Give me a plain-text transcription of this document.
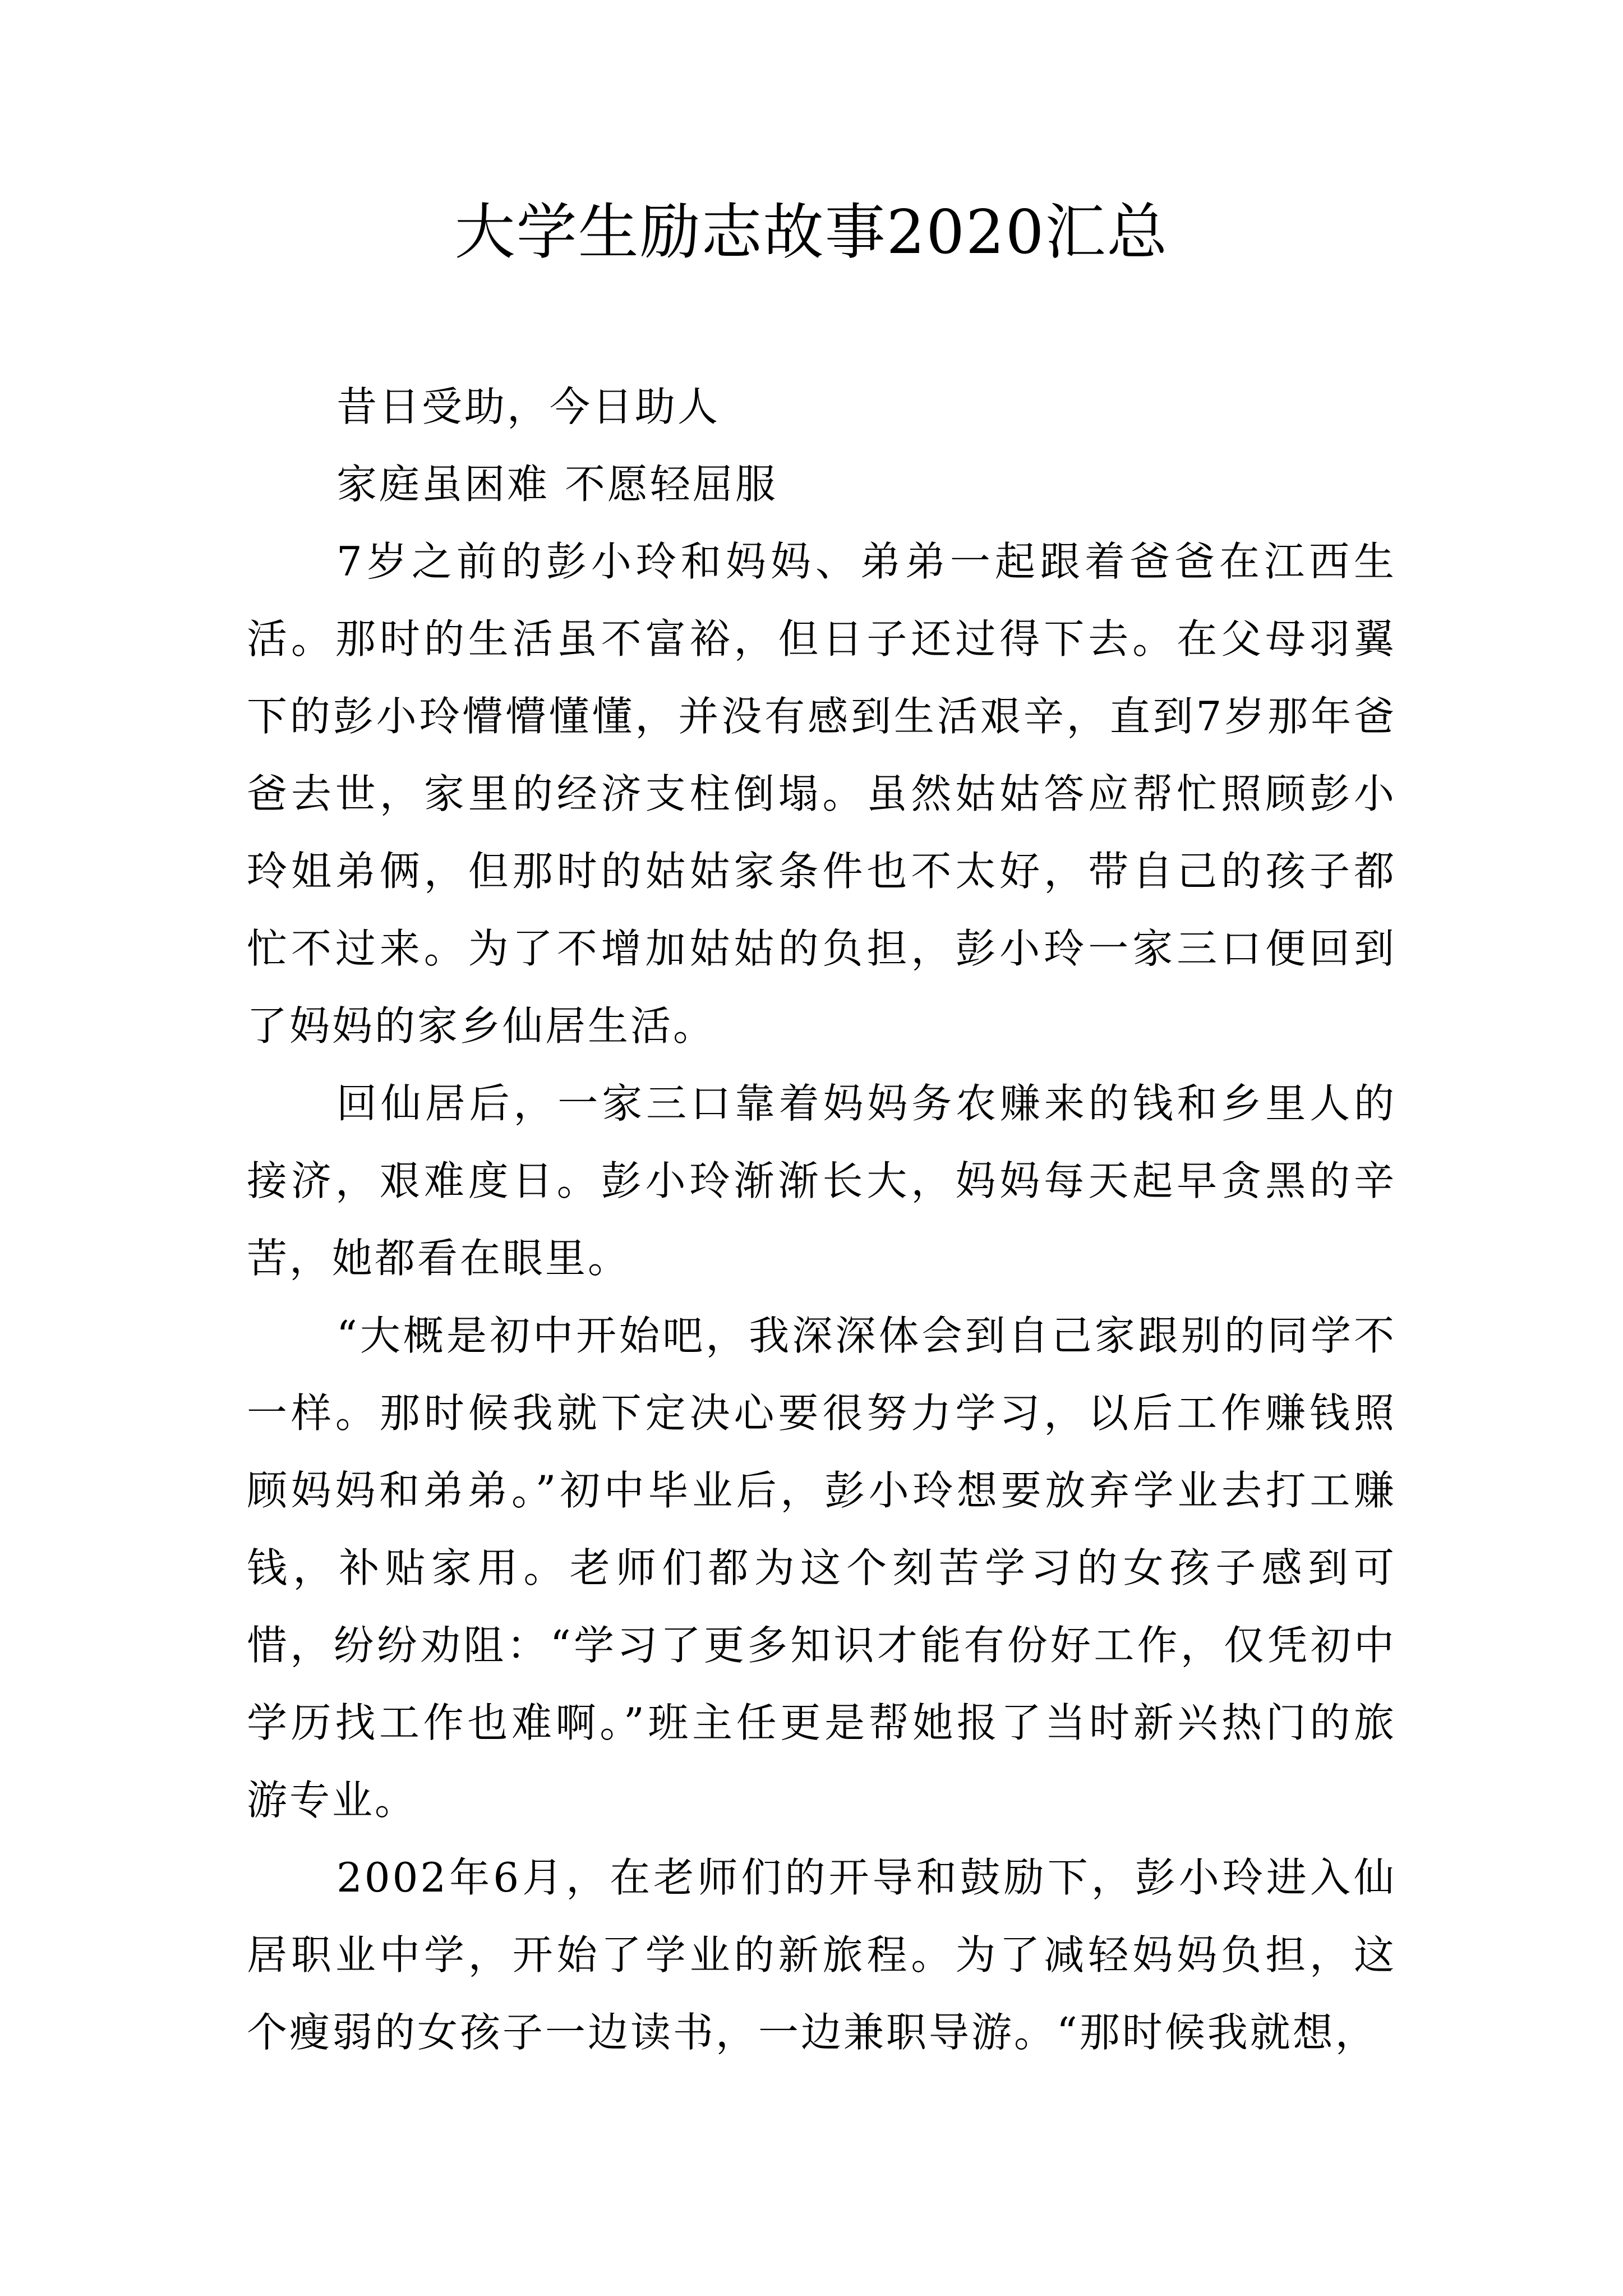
大学生励志故事2020汇总

昔日受助，今日助人

家庭虽困难 不愿轻屈服

7岁之前的彭小玲和妈妈、弟弟一起跟着爸爸在江西生活。那时的生活虽不富裕，但日子还过得下去。在父母羽翼下的彭小玲懵懵懂懂，并没有感到生活艰辛，直到7岁那年爸爸去世，家里的经济支柱倒塌。虽然姑姑答应帮忙照顾彭小玲姐弟俩，但那时的姑姑家条件也不太好，带自己的孩子都忙不过来。为了不增加姑姑的负担，彭小玲一家三口便回到了妈妈的家乡仙居生活。

回仙居后，一家三口靠着妈妈务农赚来的钱和乡里人的接济，艰难度日。彭小玲渐渐长大，妈妈每天起早贪黑的辛苦，她都看在眼里。

“大概是初中开始吧，我深深体会到自己家跟别的同学不一样。那时候我就下定决心要很努力学习，以后工作赚钱照顾妈妈和弟弟。”初中毕业后，彭小玲想要放弃学业去打工赚钱，补贴家用。老师们都为这个刻苦学习的女孩子感到可惜，纷纷劝阻：“学习了更多知识才能有份好工作，仅凭初中学历找工作也难啊。”班主任更是帮她报了当时新兴热门的旅游专业。

2002年6月，在老师们的开导和鼓励下，彭小玲进入仙居职业中学，开始了学业的新旅程。为了减轻妈妈负担，这个瘦弱的女孩子一边读书，一边兼职导游。“那时候我就想，
